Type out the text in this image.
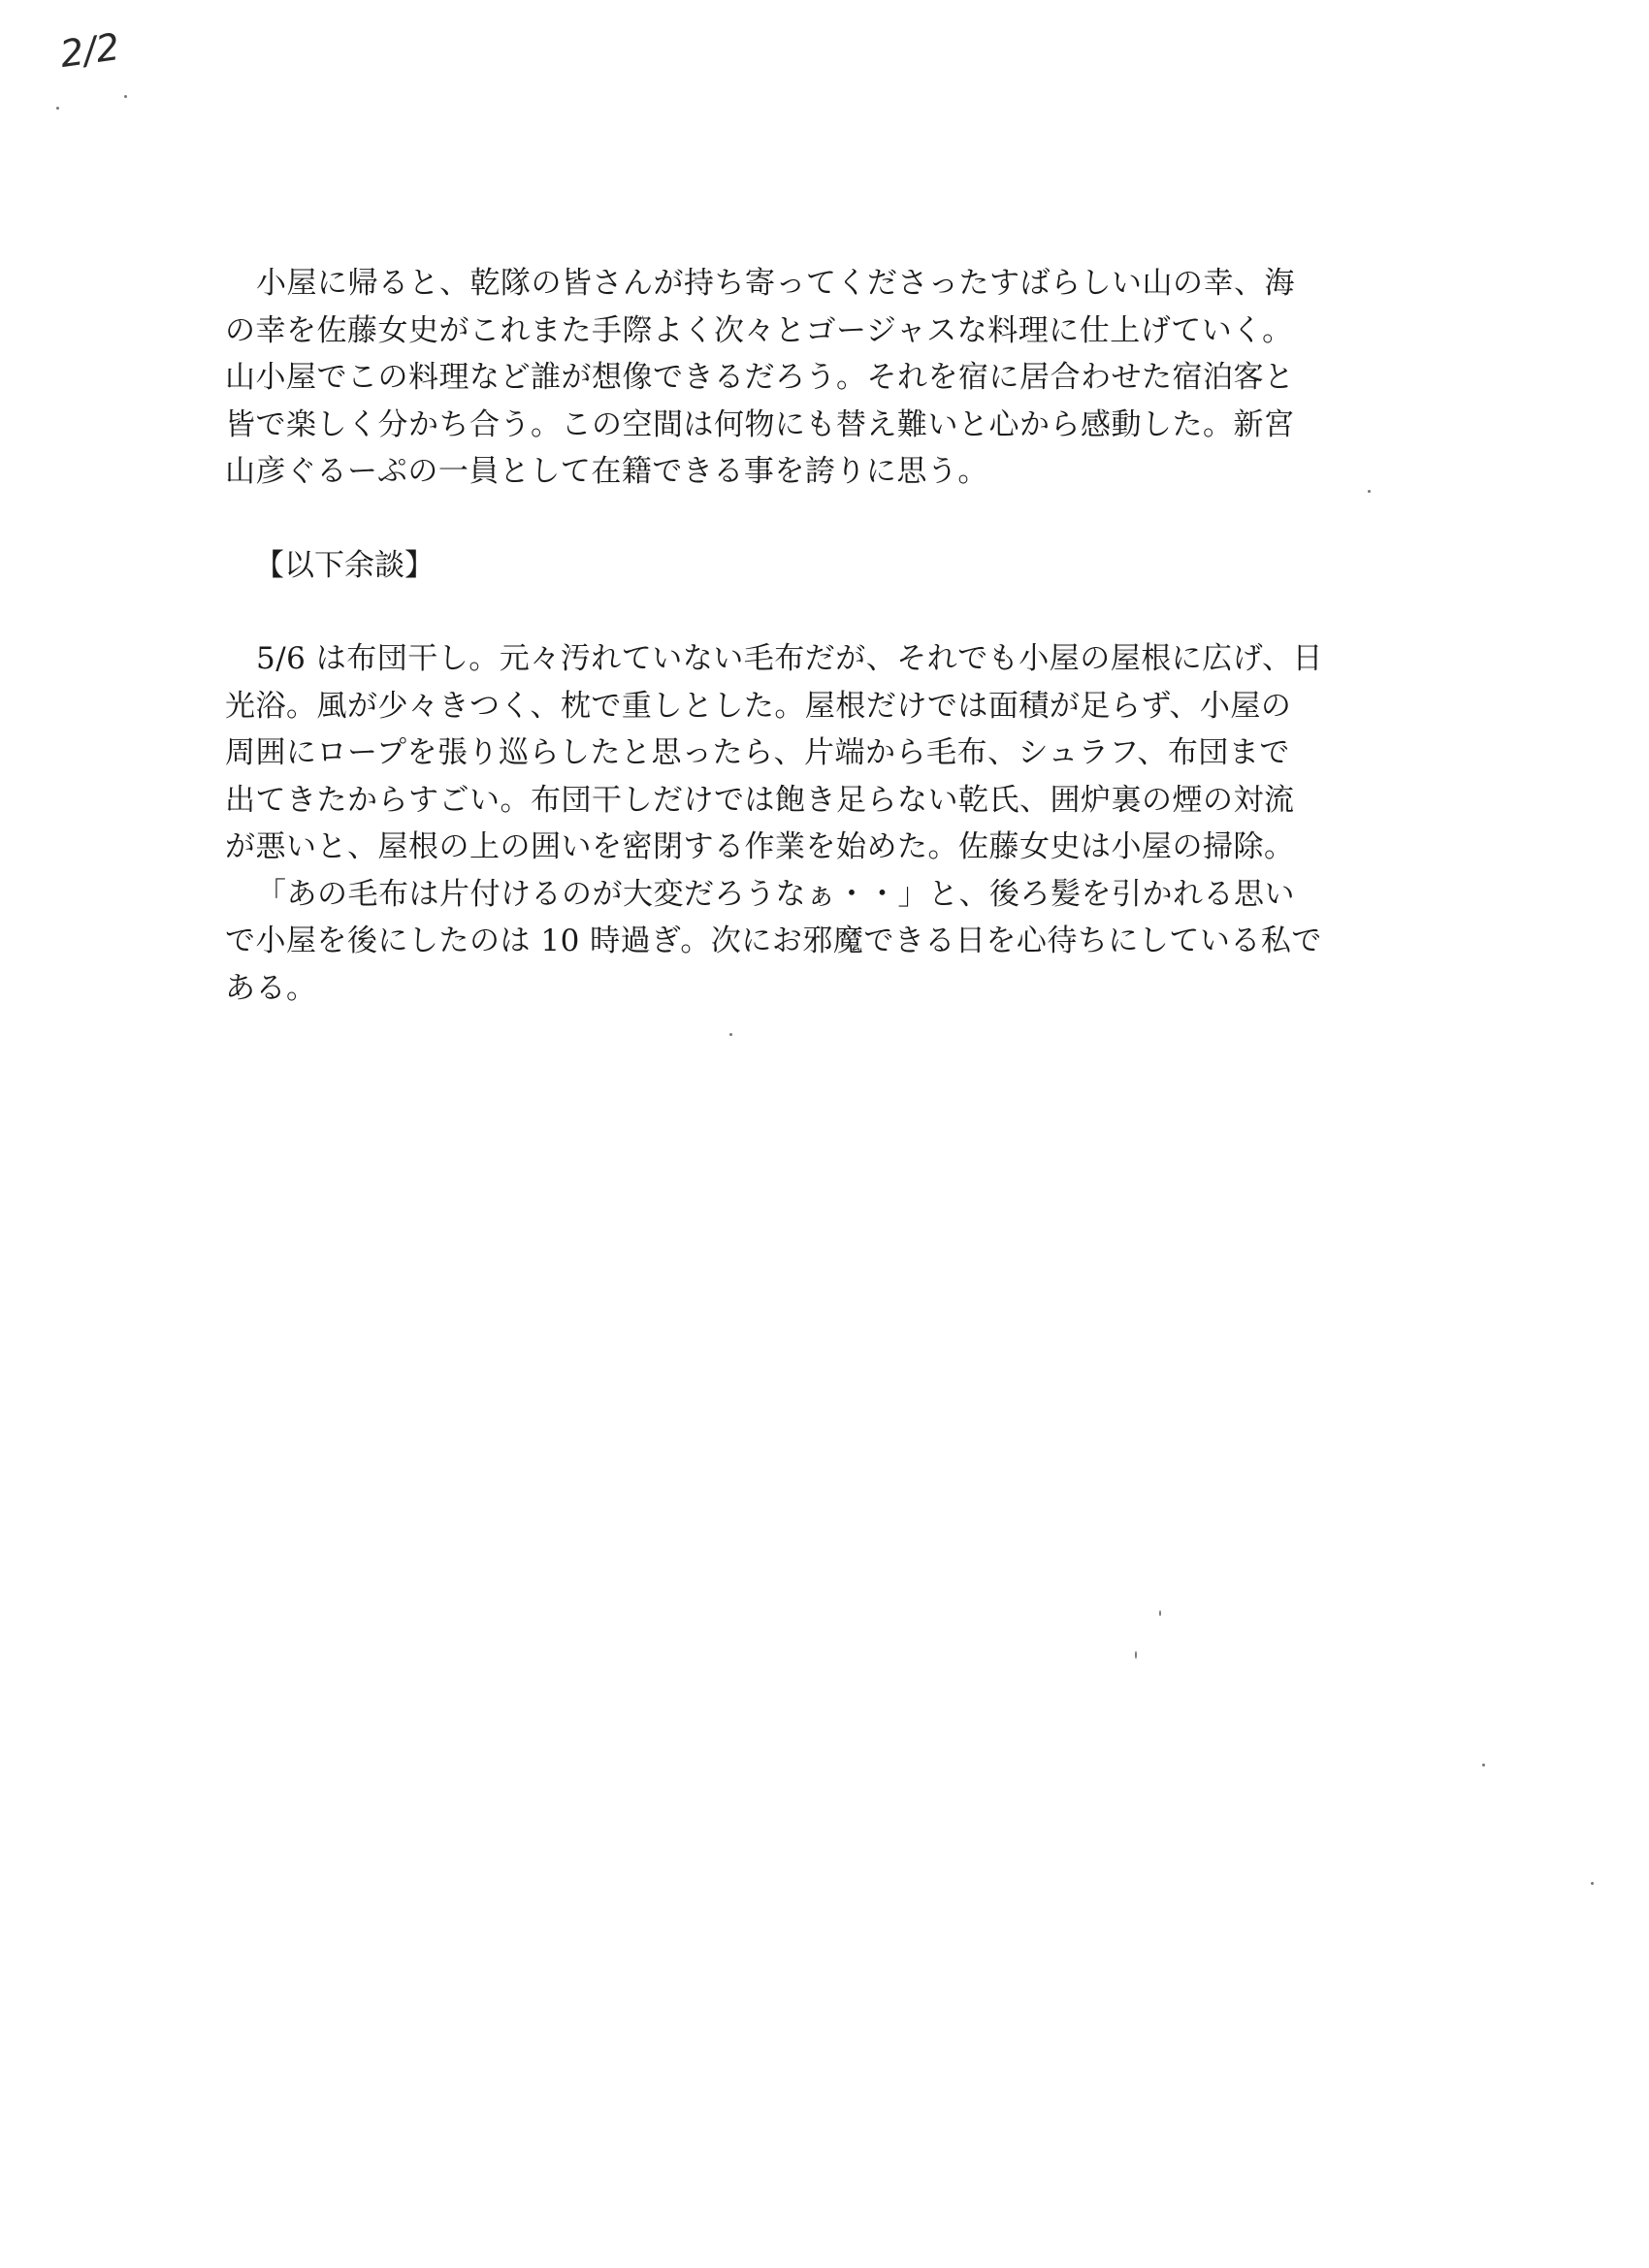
2/2

小屋に帰ると、乾隊の皆さんが持ち寄ってくださったすばらしい山の幸、海
の幸を佐藤女史がこれまた手際よく次々とゴージャスな料理に仕上げていく。
山小屋でこの料理など誰が想像できるだろう。それを宿に居合わせた宿泊客と
皆で楽しく分かち合う。この空間は何物にも替え難いと心から感動した。新宮
山彦ぐるーぷの一員として在籍できる事を誇りに思う。

【以下余談】

5/6 は布団干し。元々汚れていない毛布だが、それでも小屋の屋根に広げ、日
光浴。風が少々きつく、枕で重しとした。屋根だけでは面積が足らず、小屋の
周囲にロープを張り巡らしたと思ったら、片端から毛布、シュラフ、布団まで
出てきたからすごい。布団干しだけでは飽き足らない乾氏、囲炉裏の煙の対流
が悪いと、屋根の上の囲いを密閉する作業を始めた。佐藤女史は小屋の掃除。

「あの毛布は片付けるのが大変だろうなぁ・・」と、後ろ髪を引かれる思い
で小屋を後にしたのは 10 時過ぎ。次にお邪魔できる日を心待ちにしている私で
ある。
